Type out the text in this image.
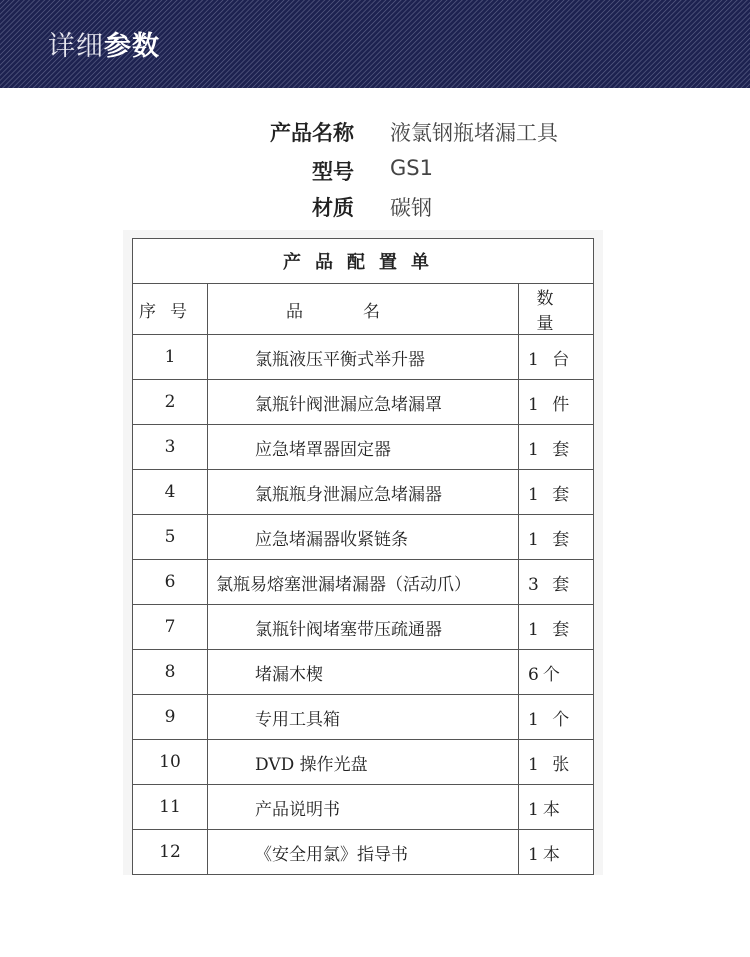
详细参数
产品名称 液氯钢瓶堵漏工具
型号 GS1
材质 碳钢
产品配置单		
序号	品名	数量
1	氯瓶液压平衡式举升器	1 台
2	氯瓶针阀泄漏应急堵漏罩	1 件
3	应急堵罩器固定器	1 套
4	氯瓶瓶身泄漏应急堵漏器	1 套
5	应急堵漏器收紧链条	1 套
6	氯瓶易熔塞泄漏堵漏器（活动爪）	3 套
7	氯瓶针阀堵塞带压疏通器	1 套
8	堵漏木楔	6个
9	专用工具箱	1 个
10	DVD 操作光盘	1 张
11	产品说明书	1本
12	《安全用氯》指导书	1本
